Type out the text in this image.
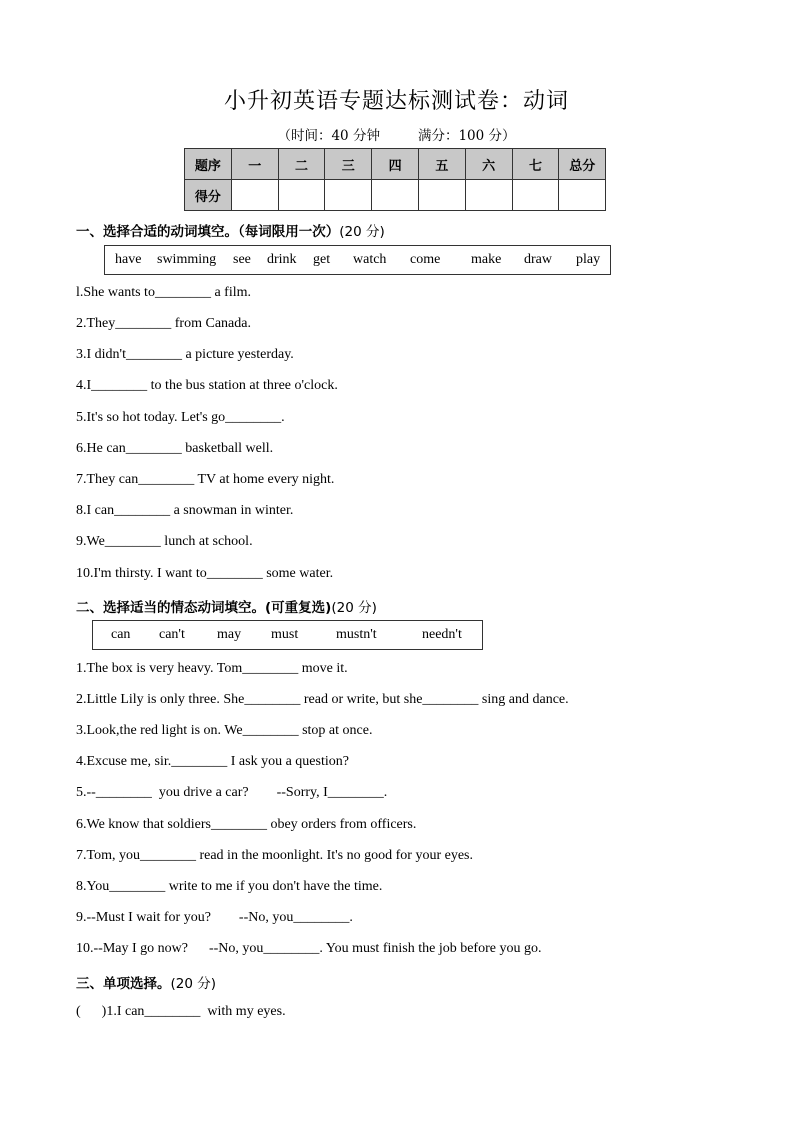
小升初英语专题达标测试卷：动词
（时间：40 分钟	满分：100 分）
题序	一	二	三	四	五	六	七	总分
得分								
一、选择合适的动词填空。（每词限用一次）(20 分)
have swimming see drink get watch come make draw play
l.She wants to________ a film.
2.They________ from Canada.
3.I didn't________ a picture yesterday.
4.I________ to the bus station at three o'clock.
5.It's so hot today. Let's go________.
6.He can________ basketball well.
7.They can________ TV at home every night.
8.I can________ a snowman in winter.
9.We________ lunch at school.
10.I'm thirsty. I want to________ some water.
二、选择适当的情态动词填空。(可重复选)(20 分)
can can't may must	mustn't	needn't
1.The box is very heavy. Tom________ move it.
2.Little Lily is only three. She________ read or write, but she________ sing and dance.
3.Look,the red light is on. We________ stop at once.
4.Excuse me, sir.________ I ask you a question?
5.--________  you drive a car?        --Sorry, I________.
6.We know that soldiers________ obey orders from officers.
7.Tom, you________ read in the moonlight. It's no good for your eyes.
8.You________ write to me if you don't have the time.
9.--Must I wait for you?        --No, you________.
10.--May I go now?      --No, you________. You must finish the job before you go.
三、单项选择。(20 分)
(      )1.I can________  with my eyes.
